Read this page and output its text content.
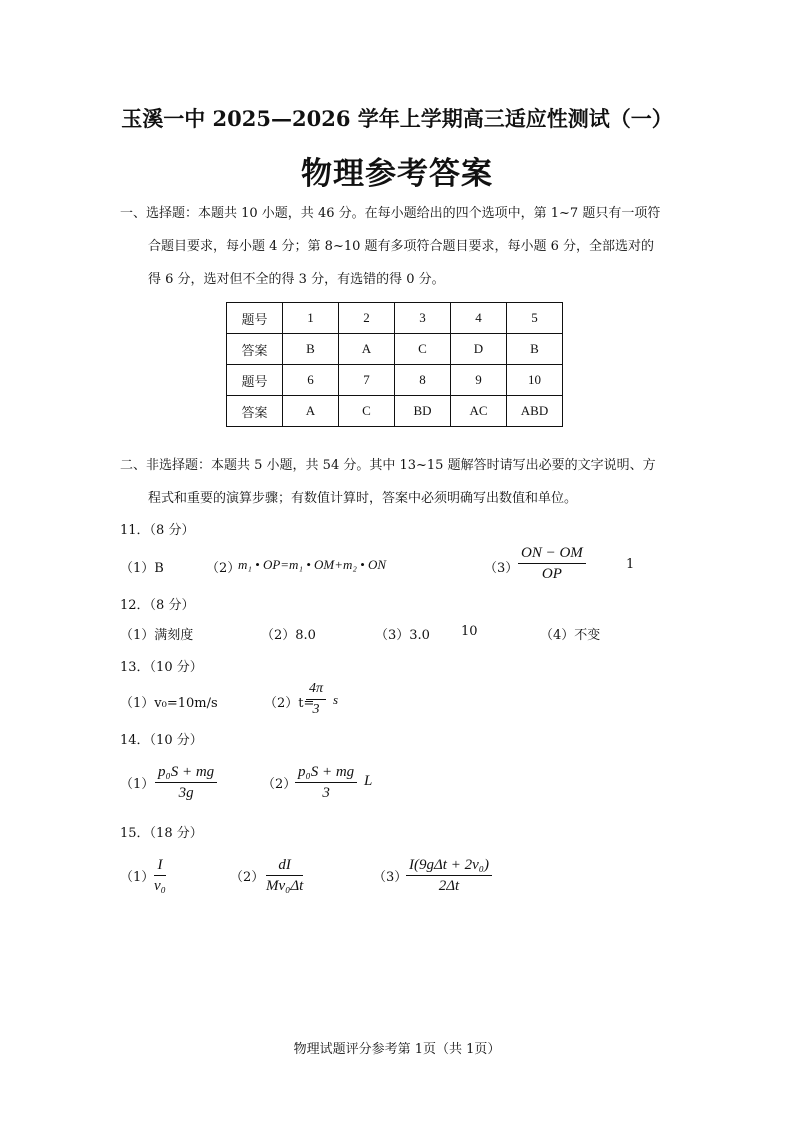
玉溪一中 2025—2026 学年上学期高三适应性测试（一）
物理参考答案
一、选择题：本题共 10 小题，共 46 分。在每小题给出的四个选项中，第 1~7 题只有一项符
合题目要求，每小题 4 分；第 8~10 题有多项符合题目要求，每小题 6 分，全部选对的
得 6 分，选对但不全的得 3 分，有选错的得 0 分。
题号	1	2	3	4	5
答案	B	A	C	D	B
题号	6	7	8	9	10
答案	A	C	BD	AC	ABD
二、非选择题：本题共 5 小题，共 54 分。其中 13~15 题解答时请写出必要的文字说明、方
程式和重要的演算步骤；有数值计算时，答案中必须明确写出数值和单位。
11．（8 分）
（1）B	（2）
m₁ • OP=m₁ • OM+m₂ • ON	$(3) \frac{ON - OM}{OP}$	1
12．（8 分）
（1）满刻度	（2）8.0	（3）3.0 10	（4）不变
13．（10 分）
（1）v₀=10m/s	（2）t=
$\frac{4\pi}{3}$ s
14．（10 分）
$(1) \frac{\text{p₀S + mg}}{3g}$	（2）
$\frac{\text{p₀S + mg}}{3}$ L
15．（18 分）
$(1) \frac{I}{\text{v₀}}$	$(2) \frac{dI}{\text{Mv₀Δt}}$	（3）
I(9gΔt + 2v₀)
2Δt
物理试题评分参考第 1页（共 1页）
